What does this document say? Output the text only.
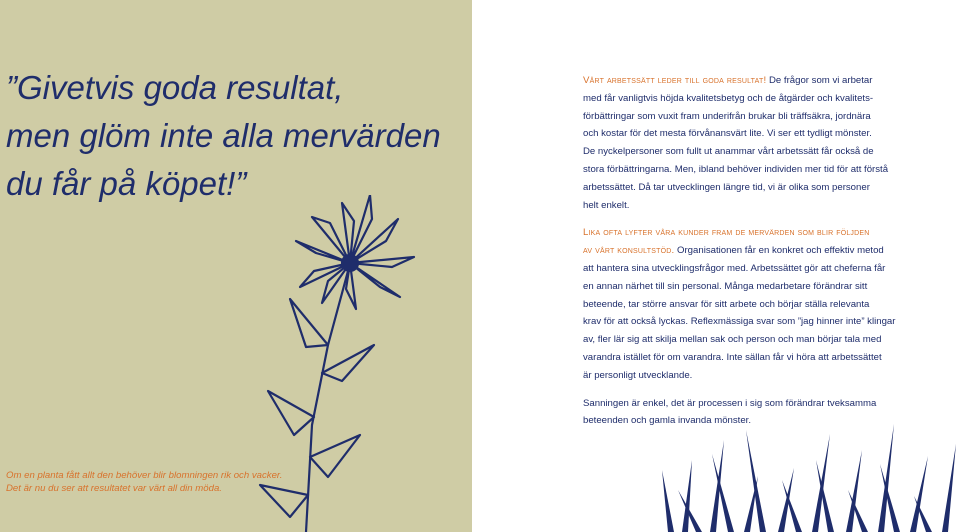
”Givetvis goda resultat,
men glöm inte alla mervärden
du får på köpet!”
Om en planta fått allt den behöver blir blomningen rik och vacker.
Det är nu du ser att resultatet var värt all din möda.

Vårt arbetssätt leder till goda resultat! De frågor som vi arbetar
med får vanligtvis höjda kvalitetsbetyg och de åtgärder och kvalitets-
förbättringar som vuxit fram underifrån brukar bli träffsäkra, jordnära
och kostar för det mesta förvånansvärt lite. Vi ser ett tydligt mönster.
De nyckelpersoner som fullt ut anammar vårt arbetssätt får också de
stora förbättringarna. Men, ibland behöver individen mer tid för att förstå
arbetssättet. Då tar utvecklingen längre tid, vi är olika som personer
helt enkelt.

Lika ofta lyfter våra kunder fram de mervärden som blir följden
av vårt konsultstöd. Organisationen får en konkret och effektiv metod
att hantera sina utvecklingsfrågor med. Arbetssättet gör att cheferna får
en annan närhet till sin personal. Många medarbetare förändrar sitt
beteende, tar större ansvar för sitt arbete och börjar ställa relevanta
krav för att också lyckas. Reflexmässiga svar som ”jag hinner inte” klingar
av, fler lär sig att skilja mellan sak och person och man börjar tala med
varandra istället för om varandra. Inte sällan får vi höra att arbetssättet
är personligt utvecklande.

Sanningen är enkel, det är processen i sig som förändrar tveksamma
beteenden och gamla invanda mönster.
